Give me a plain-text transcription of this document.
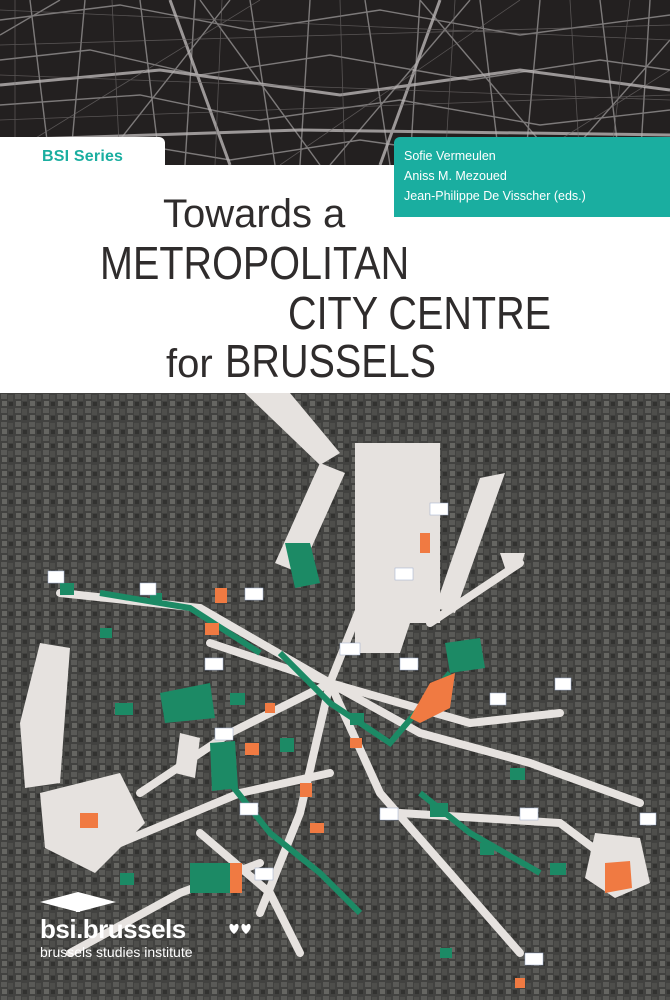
BSI Series	Sofie Vermeulen
Aniss M. Mezoued
Jean-Philippe De Visscher (eds.)
Towards a
METROPOLITAN
CITY CENTRE
for BRUSSELS
bsi.brussels
brussels studies institute
